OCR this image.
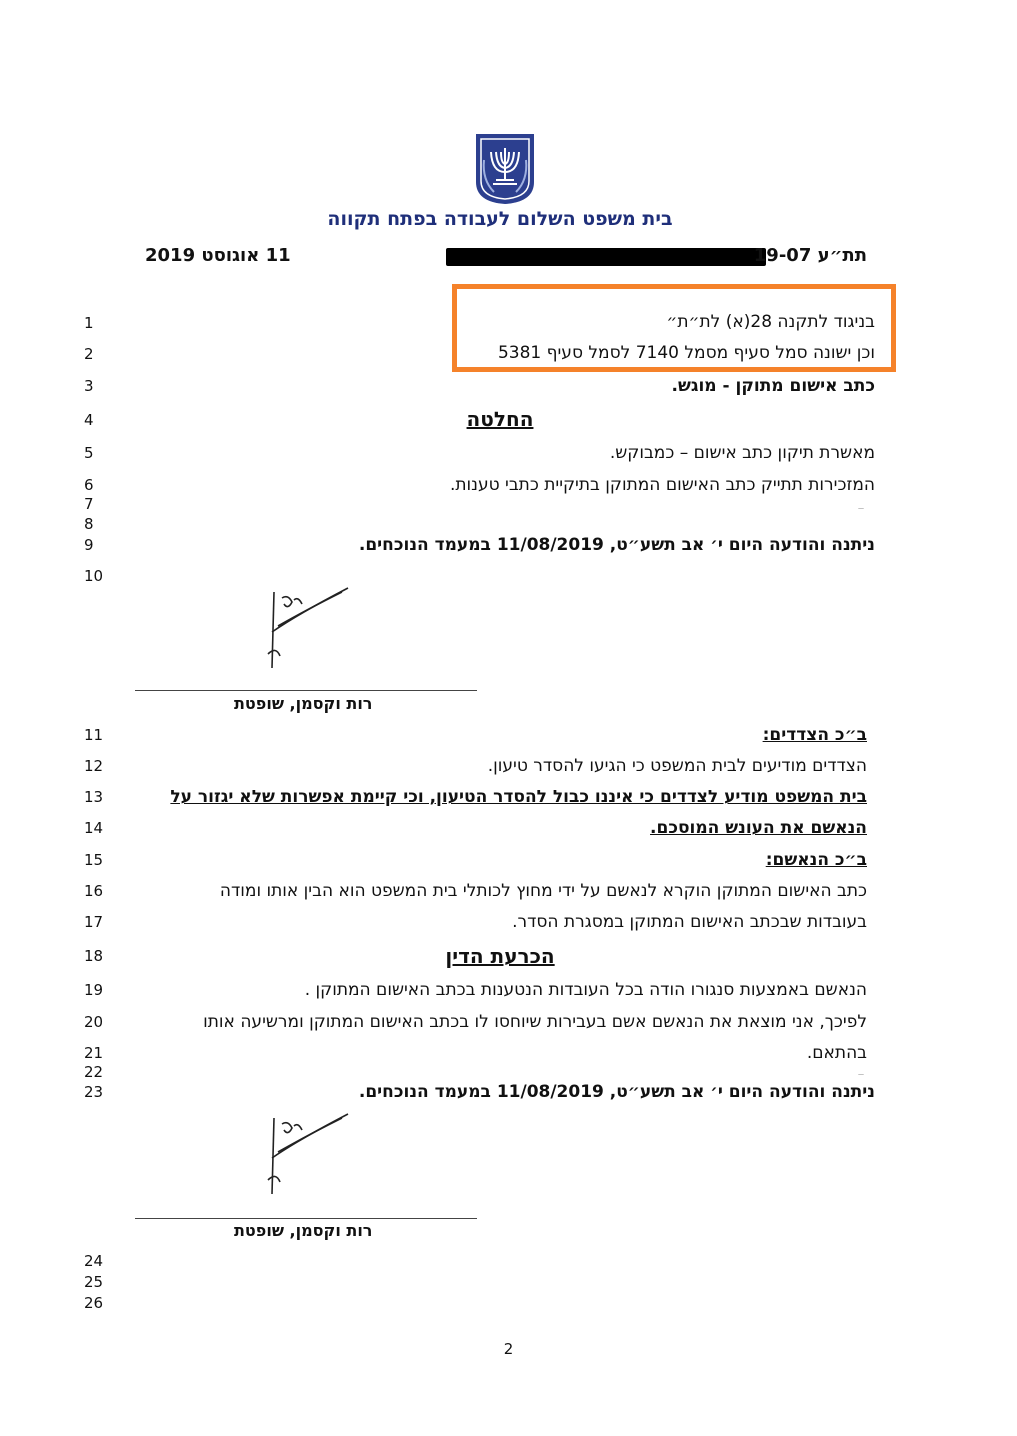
בית משפט השלום לעבודה בפתח תקווה
תת״ע 19-07
11 אוגוסט 2019
בניגוד לתקנה 28(א) לת״ת״
וכן ישונה סמל סעיף מסמל 7140 לסמל סעיף 5381
כתב אישום מתוקן - מוגש.
החלטה
מאשרת תיקון כתב אישום – כמבוקש.
המזכירות תתייק כתב האישום המתוקן בתיקיית כתבי טענות.
—
ניתנה והודעה היום י׳ אב תשע״ט, 11/08/2019 במעמד הנוכחים.
רות וקסמן, שופטת
ב״כ הצדדים:
הצדדים מודיעים לבית המשפט כי הגיעו להסדר טיעון.
בית המשפט מודיע לצדדים כי איננו כבול להסדר הטיעון, וכי קיימת אפשרות שלא יגזור על
הנאשם את העונש המוסכם.
ב״כ הנאשם:
כתב האישום המתוקן הוקרא לנאשם על ידי מחוץ לכותלי בית המשפט הוא הבין אותו ומודה
בעובדות שבכתב האישום המתוקן במסגרת הסדר.
הכרעת הדין
הנאשם באמצעות סנגורו הודה בכל העובדות הנטענות בכתב האישום המתוקן .
לפיכך, אני מוצאת את הנאשם אשם בעבירות שיוחסו לו בכתב האישום המתוקן ומרשיעה אותו
בהתאם.
—
ניתנה והודעה היום י׳ אב תשע״ט, 11/08/2019 במעמד הנוכחים.
רות וקסמן, שופטת
1
2
3
4
5
6
7
8
9
10
11
12
13
14
15
16
17
18
19
20
21
22
23
24
25
26
2
